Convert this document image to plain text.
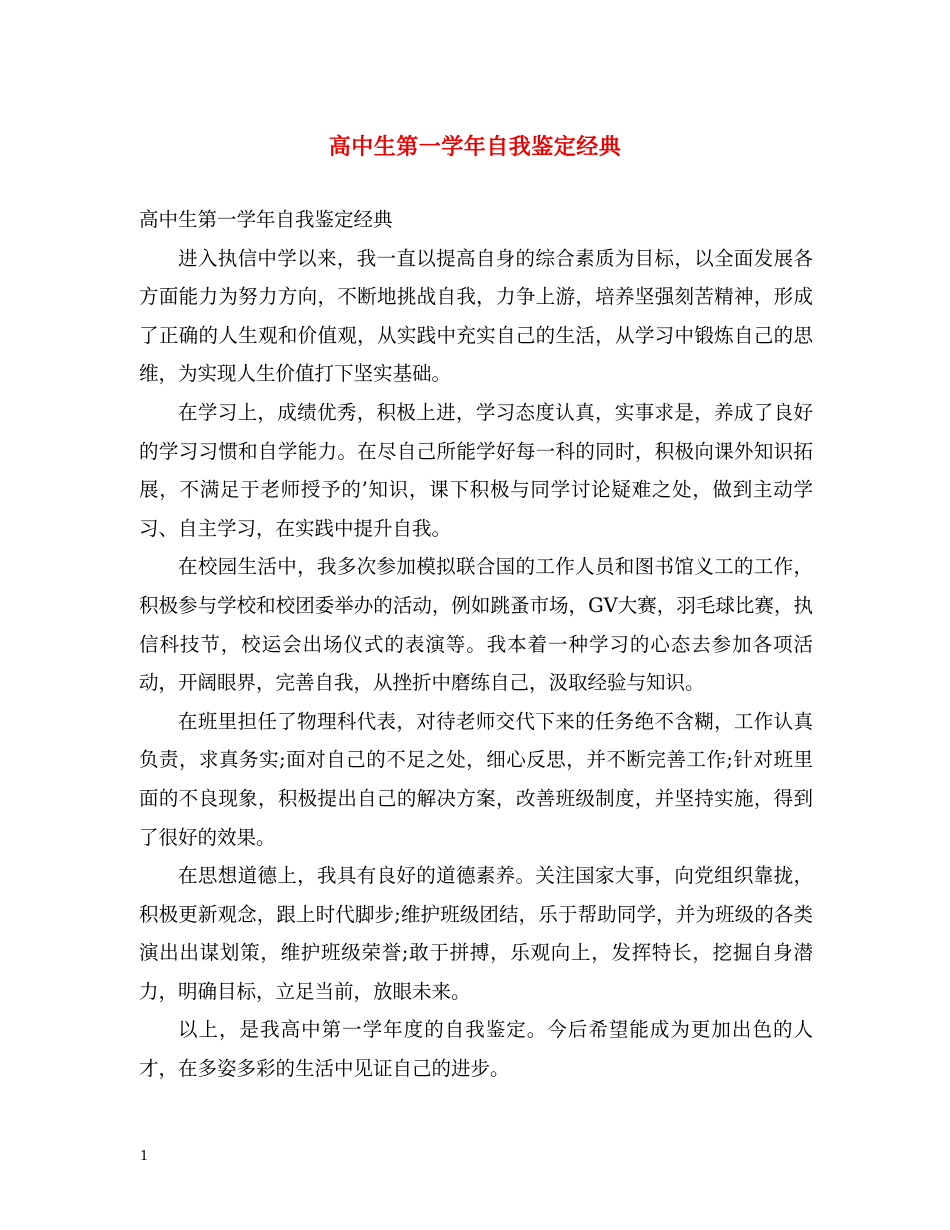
高中生第一学年自我鉴定经典

高中生第一学年自我鉴定经典

进入执信中学以来，我一直以提高自身的综合素质为目标，以全面发展各方面能力为努力方向，不断地挑战自我，力争上游，培养坚强刻苦精神，形成了正确的人生观和价值观，从实践中充实自己的生活，从学习中锻炼自己的思维，为实现人生价值打下坚实基础。

在学习上，成绩优秀，积极上进，学习态度认真，实事求是，养成了良好的学习习惯和自学能力。在尽自己所能学好每一科的同时，积极向课外知识拓展，不满足于老师授予的’知识，课下积极与同学讨论疑难之处，做到主动学习、自主学习，在实践中提升自我。

在校园生活中，我多次参加模拟联合国的工作人员和图书馆义工的工作，积极参与学校和校团委举办的活动，例如跳蚤市场，GV大赛，羽毛球比赛，执信科技节，校运会出场仪式的表演等。我本着一种学习的心态去参加各项活动，开阔眼界，完善自我，从挫折中磨练自己，汲取经验与知识。

在班里担任了物理科代表，对待老师交代下来的任务绝不含糊，工作认真负责，求真务实;面对自己的不足之处，细心反思，并不断完善工作;针对班里面的不良现象，积极提出自己的解决方案，改善班级制度，并坚持实施，得到了很好的效果。

在思想道德上，我具有良好的道德素养。关注国家大事，向党组织靠拢，积极更新观念，跟上时代脚步;维护班级团结，乐于帮助同学，并为班级的各类演出出谋划策，维护班级荣誉;敢于拼搏，乐观向上，发挥特长，挖掘自身潜力，明确目标，立足当前，放眼未来。

以上，是我高中第一学年度的自我鉴定。今后希望能成为更加出色的人才，在多姿多彩的生活中见证自己的进步。

1
